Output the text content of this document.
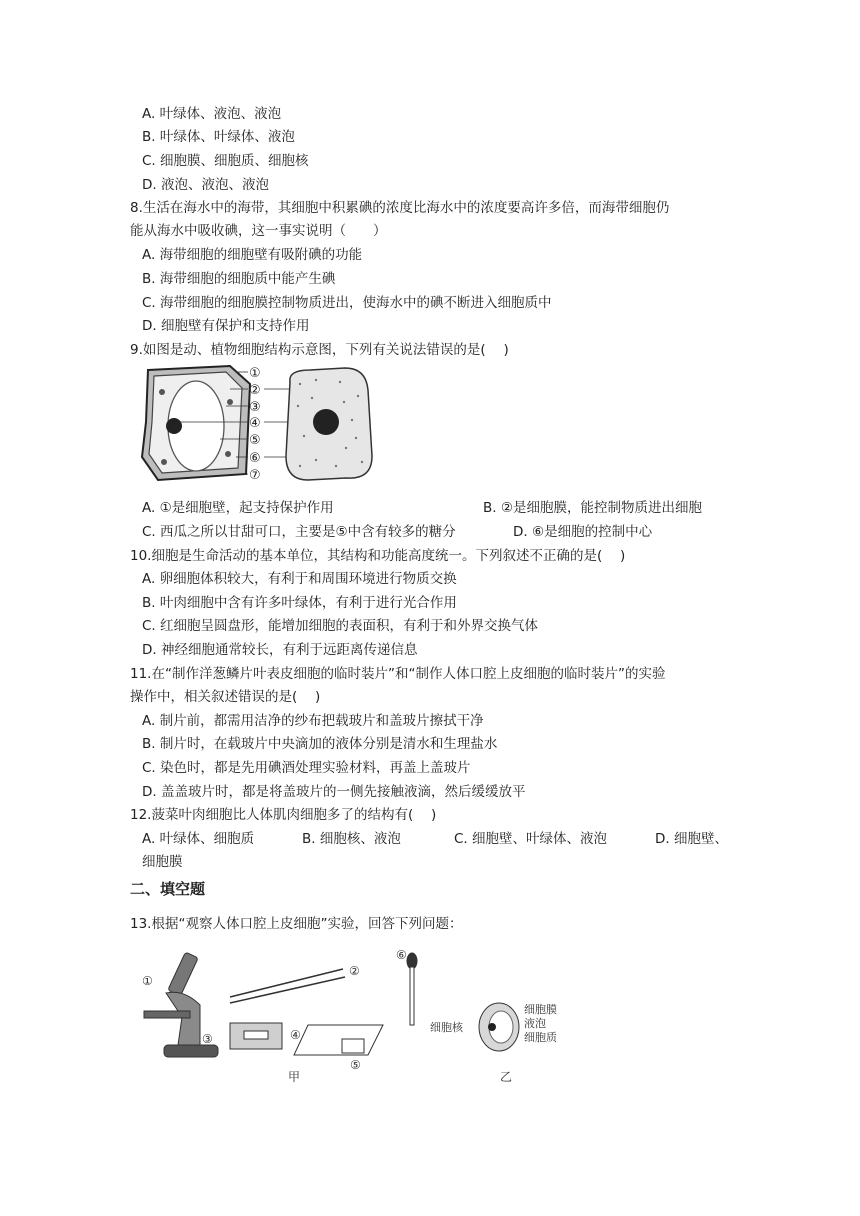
A. 叶绿体、液泡、液泡
B. 叶绿体、叶绿体、液泡
C. 细胞膜、细胞质、细胞核
D. 液泡、液泡、液泡
8.生活在海水中的海带，其细胞中积累碘的浓度比海水中的浓度要高许多倍，而海带细胞仍
能从海水中吸收碘，这一事实说明（　　）
A. 海带细胞的细胞壁有吸附碘的功能
B. 海带细胞的细胞质中能产生碘
C. 海带细胞的细胞膜控制物质进出，使海水中的碘不断进入细胞质中
D. 细胞壁有保护和支持作用
9.如图是动、植物细胞结构示意图，下列有关说法错误的是(　 )
①
②
③
④
⑤
⑥
⑦
A. ①是细胞壁，起支持保护作用	B. ②是细胞膜，能控制物质进出细胞
C. 西瓜之所以甘甜可口，主要是⑤中含有较多的糖分	D. ⑥是细胞的控制中心
10.细胞是生命活动的基本单位，其结构和功能高度统一。下列叙述不正确的是(　 )
A. 卵细胞体积较大，有利于和周围环境进行物质交换
B. 叶肉细胞中含有许多叶绿体，有利于进行光合作用
C. 红细胞呈圆盘形，能增加细胞的表面积，有利于和外界交换气体
D. 神经细胞通常较长，有利于远距离传递信息
11.在“制作洋葱鳞片叶表皮细胞的临时装片”和“制作人体口腔上皮细胞的临时装片”的实验
操作中，相关叙述错误的是(　 )
A. 制片前，都需用洁净的纱布把载玻片和盖玻片擦拭干净
B. 制片时，在载玻片中央滴加的液体分别是清水和生理盐水
C. 染色时，都是先用碘酒处理实验材料，再盖上盖玻片
D. 盖盖玻片时，都是将盖玻片的一侧先接触液滴，然后缓缓放平
12.菠菜叶肉细胞比人体肌肉细胞多了的结构有(　 )
A. 叶绿体、细胞质	B. 细胞核、液泡	C. 细胞壁、叶绿体、液泡	D. 细胞壁、
细胞膜
二、填空题
13.根据“观察人体口腔上皮细胞”实验，回答下列问题：
①
②
③	④
⑤
⑥
细胞核
细胞膜
液泡
细胞质
甲	乙
